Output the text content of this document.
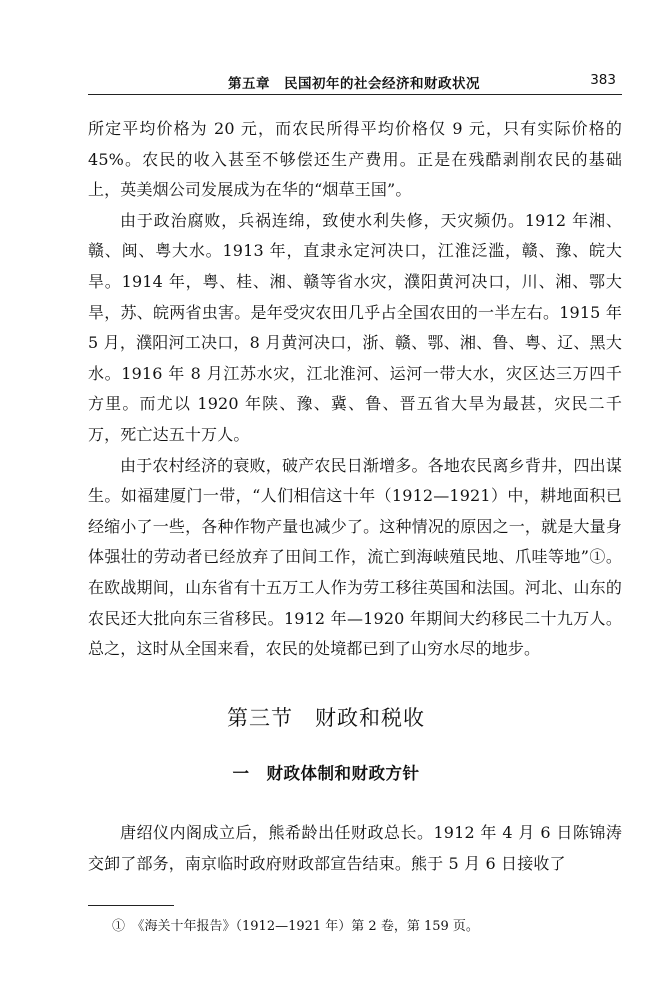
第五章　民国初年的社会经济和财政状况	383

所定平均价格为 20 元，而农民所得平均价格仅 9 元，只有实际价格的 45%。农民的收入甚至不够偿还生产费用。正是在残酷剥削农民的基础上，英美烟公司发展成为在华的“烟草王国”。

由于政治腐败，兵祸连绵，致使水利失修，天灾频仍。1912 年湘、赣、闽、粤大水。1913 年，直隶永定河决口，江淮泛滥，赣、豫、皖大旱。1914 年，粤、桂、湘、赣等省水灾，濮阳黄河决口，川、湘、鄂大旱，苏、皖两省虫害。是年受灾农田几乎占全国农田的一半左右。1915 年 5 月，濮阳河工决口，8 月黄河决口，浙、赣、鄂、湘、鲁、粤、辽、黑大水。1916 年 8 月江苏水灾，江北淮河、运河一带大水，灾区达三万四千方里。而尤以 1920 年陕、豫、冀、鲁、晋五省大旱为最甚，灾民二千万，死亡达五十万人。

由于农村经济的衰败，破产农民日渐增多。各地农民离乡背井，四出谋生。如福建厦门一带，“人们相信这十年（1912—1921）中，耕地面积已经缩小了一些，各种作物产量也减少了。这种情况的原因之一，就是大量身体强壮的劳动者已经放弃了田间工作，流亡到海峡殖民地、爪哇等地”①。在欧战期间，山东省有十五万工人作为劳工移往英国和法国。河北、山东的农民还大批向东三省移民。1912 年—1920 年期间大约移民二十九万人。总之，这时从全国来看，农民的处境都已到了山穷水尽的地步。

第三节　财政和税收
一　财政体制和财政方针

唐绍仪内阁成立后，熊希龄出任财政总长。1912 年 4 月 6 日陈锦涛交卸了部务，南京临时政府财政部宣告结束。熊于 5 月 6 日接收了

①　《海关十年报告》（1912—1921 年）第 2 卷，第 159 页。
